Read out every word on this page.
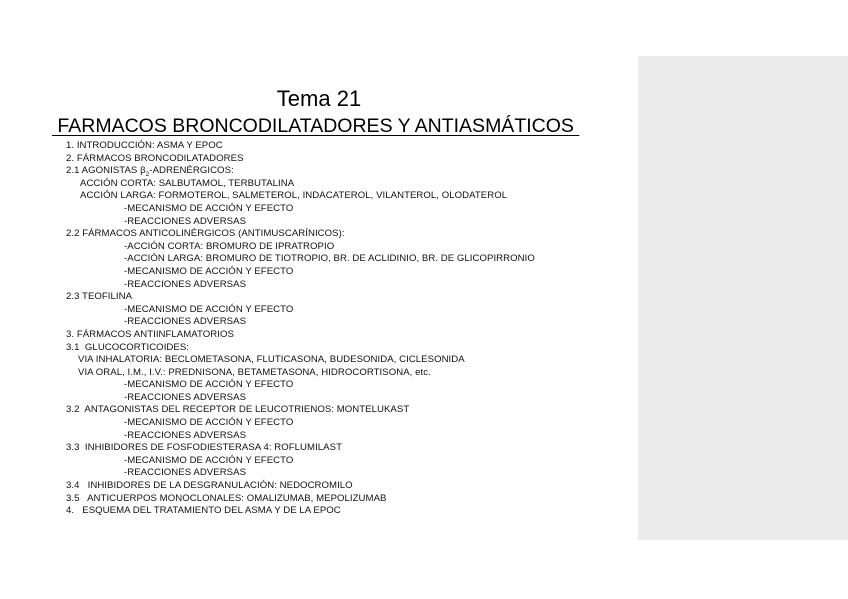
Tema 21
FARMACOS BRONCODILATADORES Y ANTIASMÁTICOS
1. INTRODUCCIÓN: ASMA Y EPOC
2. FÁRMACOS BRONCODILATADORES
2.1 AGONISTAS $\beta_2$-ADRENÉRGICOS:
ACCIÓN CORTA: SALBUTAMOL, TERBUTALINA
ACCIÓN LARGA: FORMOTEROL, SALMETEROL, INDACATEROL, VILANTEROL, OLODATEROL
-MECANISMO DE ACCIÓN Y EFECTO
-REACCIONES ADVERSAS
2.2 FÁRMACOS ANTICOLINÉRGICOS (ANTIMUSCARÍNICOS):
-ACCIÓN CORTA: BROMURO DE IPRATROPIO
-ACCIÓN LARGA: BROMURO DE TIOTROPIO, BR. DE ACLIDINIO, BR. DE GLICOPIRRONIO
-MECANISMO DE ACCIÓN Y EFECTO
-REACCIONES ADVERSAS
2.3 TEOFILINA
-MECANISMO DE ACCIÓN Y EFECTO
-REACCIONES ADVERSAS
3. FÁRMACOS ANTIINFLAMATORIOS
3.1  GLUCOCORTICOIDES:
VIA INHALATORIA: BECLOMETASONA, FLUTICASONA, BUDESONIDA, CICLESONIDA
VIA ORAL, I.M., I.V.: PREDNISONA, BETAMETASONA, HIDROCORTISONA, etc.
-MECANISMO DE ACCIÓN Y EFECTO
-REACCIONES ADVERSAS
3.2  ANTAGONISTAS DEL RECEPTOR DE LEUCOTRIENOS: MONTELUKAST
-MECANISMO DE ACCIÓN Y EFECTO
-REACCIONES ADVERSAS
3.3  INHIBIDORES DE FOSFODIESTERASA 4: ROFLUMILAST
-MECANISMO DE ACCIÓN Y EFECTO
-REACCIONES ADVERSAS
3.4   INHIBIDORES DE LA DESGRANULACIÓN: NEDOCROMILO
3.5   ANTICUERPOS MONOCLONALES: OMALIZUMAB, MEPOLIZUMAB
4.   ESQUEMA DEL TRATAMIENTO DEL ASMA Y DE LA EPOC
